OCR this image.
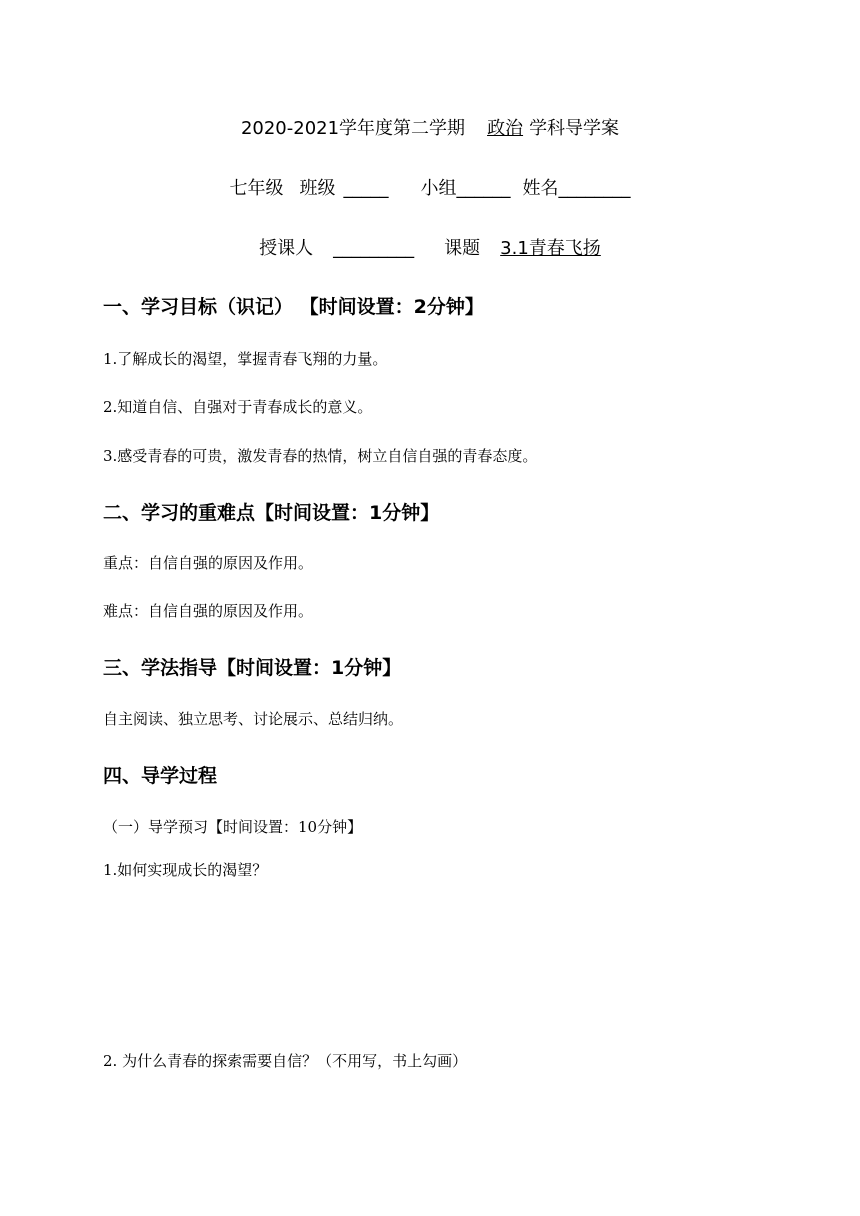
2020-2021学年度第二学期 政治 学科导学案
七年级 班级 _____ 小组______ 姓名________
授课人 _________ 课题 3.1青春飞扬
一、学习目标（识记） 【时间设置：2分钟】
1.了解成长的渴望，掌握青春飞翔的力量。
2.知道自信、自强对于青春成长的意义。
3.感受青春的可贵，激发青春的热情，树立自信自强的青春态度。
二、学习的重难点【时间设置：1分钟】
重点：自信自强的原因及作用。
难点：自信自强的原因及作用。
三、学法指导【时间设置：1分钟】
自主阅读、独立思考、讨论展示、总结归纳。
四、导学过程
（一）导学预习【时间设置：10分钟】
1.如何实现成长的渴望？
2. 为什么青春的探索需要自信？（不用写，书上勾画）
